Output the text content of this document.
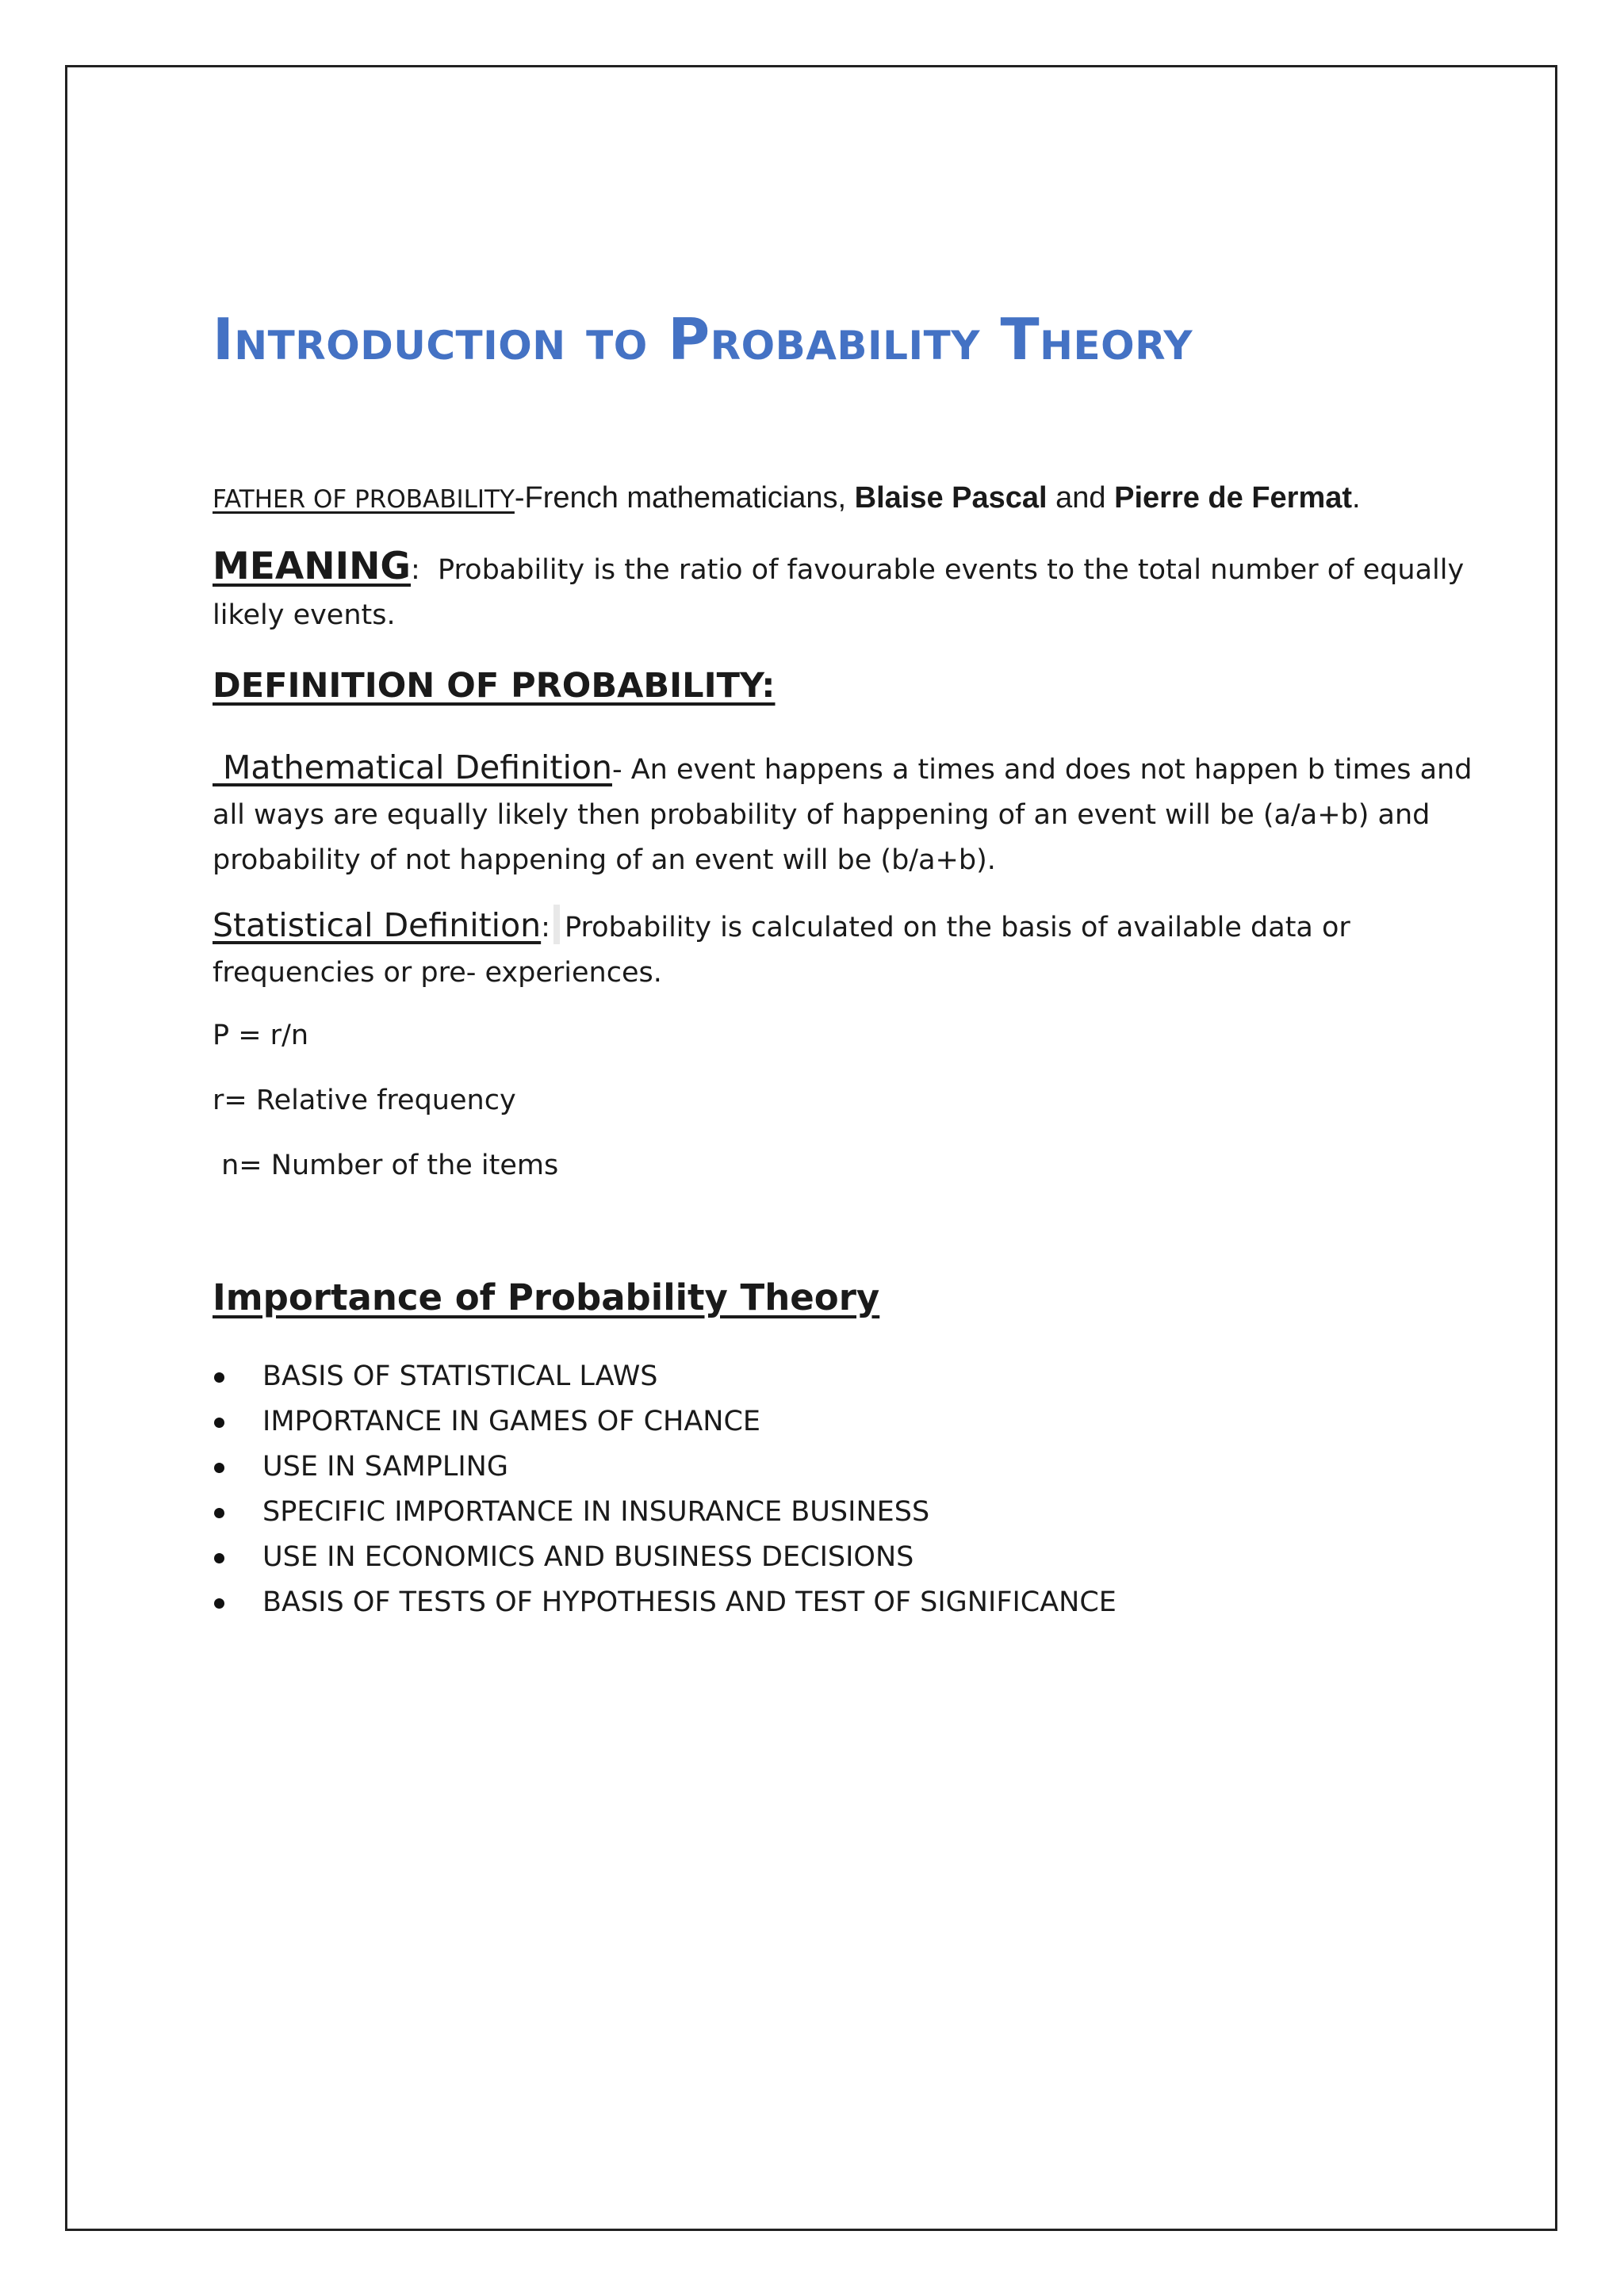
Introduction to Probability Theory
FATHER OF PROBABILITY-French mathematicians, Blaise Pascal and Pierre de Fermat.
MEANING:  Probability is the ratio of favourable events to the total number of equally likely events.
DEFINITION OF PROBABILITY:
Mathematical Definition- An event happens a times and does not happen b times and all ways are equally likely then probability of happening of an event will be (a/a+b) and probability of not happening of an event will be (b/a+b).
Statistical Definition: Probability is calculated on the basis of available data or frequencies or pre- experiences.
P = r/n
r= Relative frequency
n= Number of the items
Importance of Probability Theory
BASIS OF STATISTICAL LAWS
IMPORTANCE IN GAMES OF CHANCE
USE IN SAMPLING
SPECIFIC IMPORTANCE IN INSURANCE BUSINESS
USE IN ECONOMICS AND BUSINESS DECISIONS
BASIS OF TESTS OF HYPOTHESIS AND TEST OF SIGNIFICANCE
